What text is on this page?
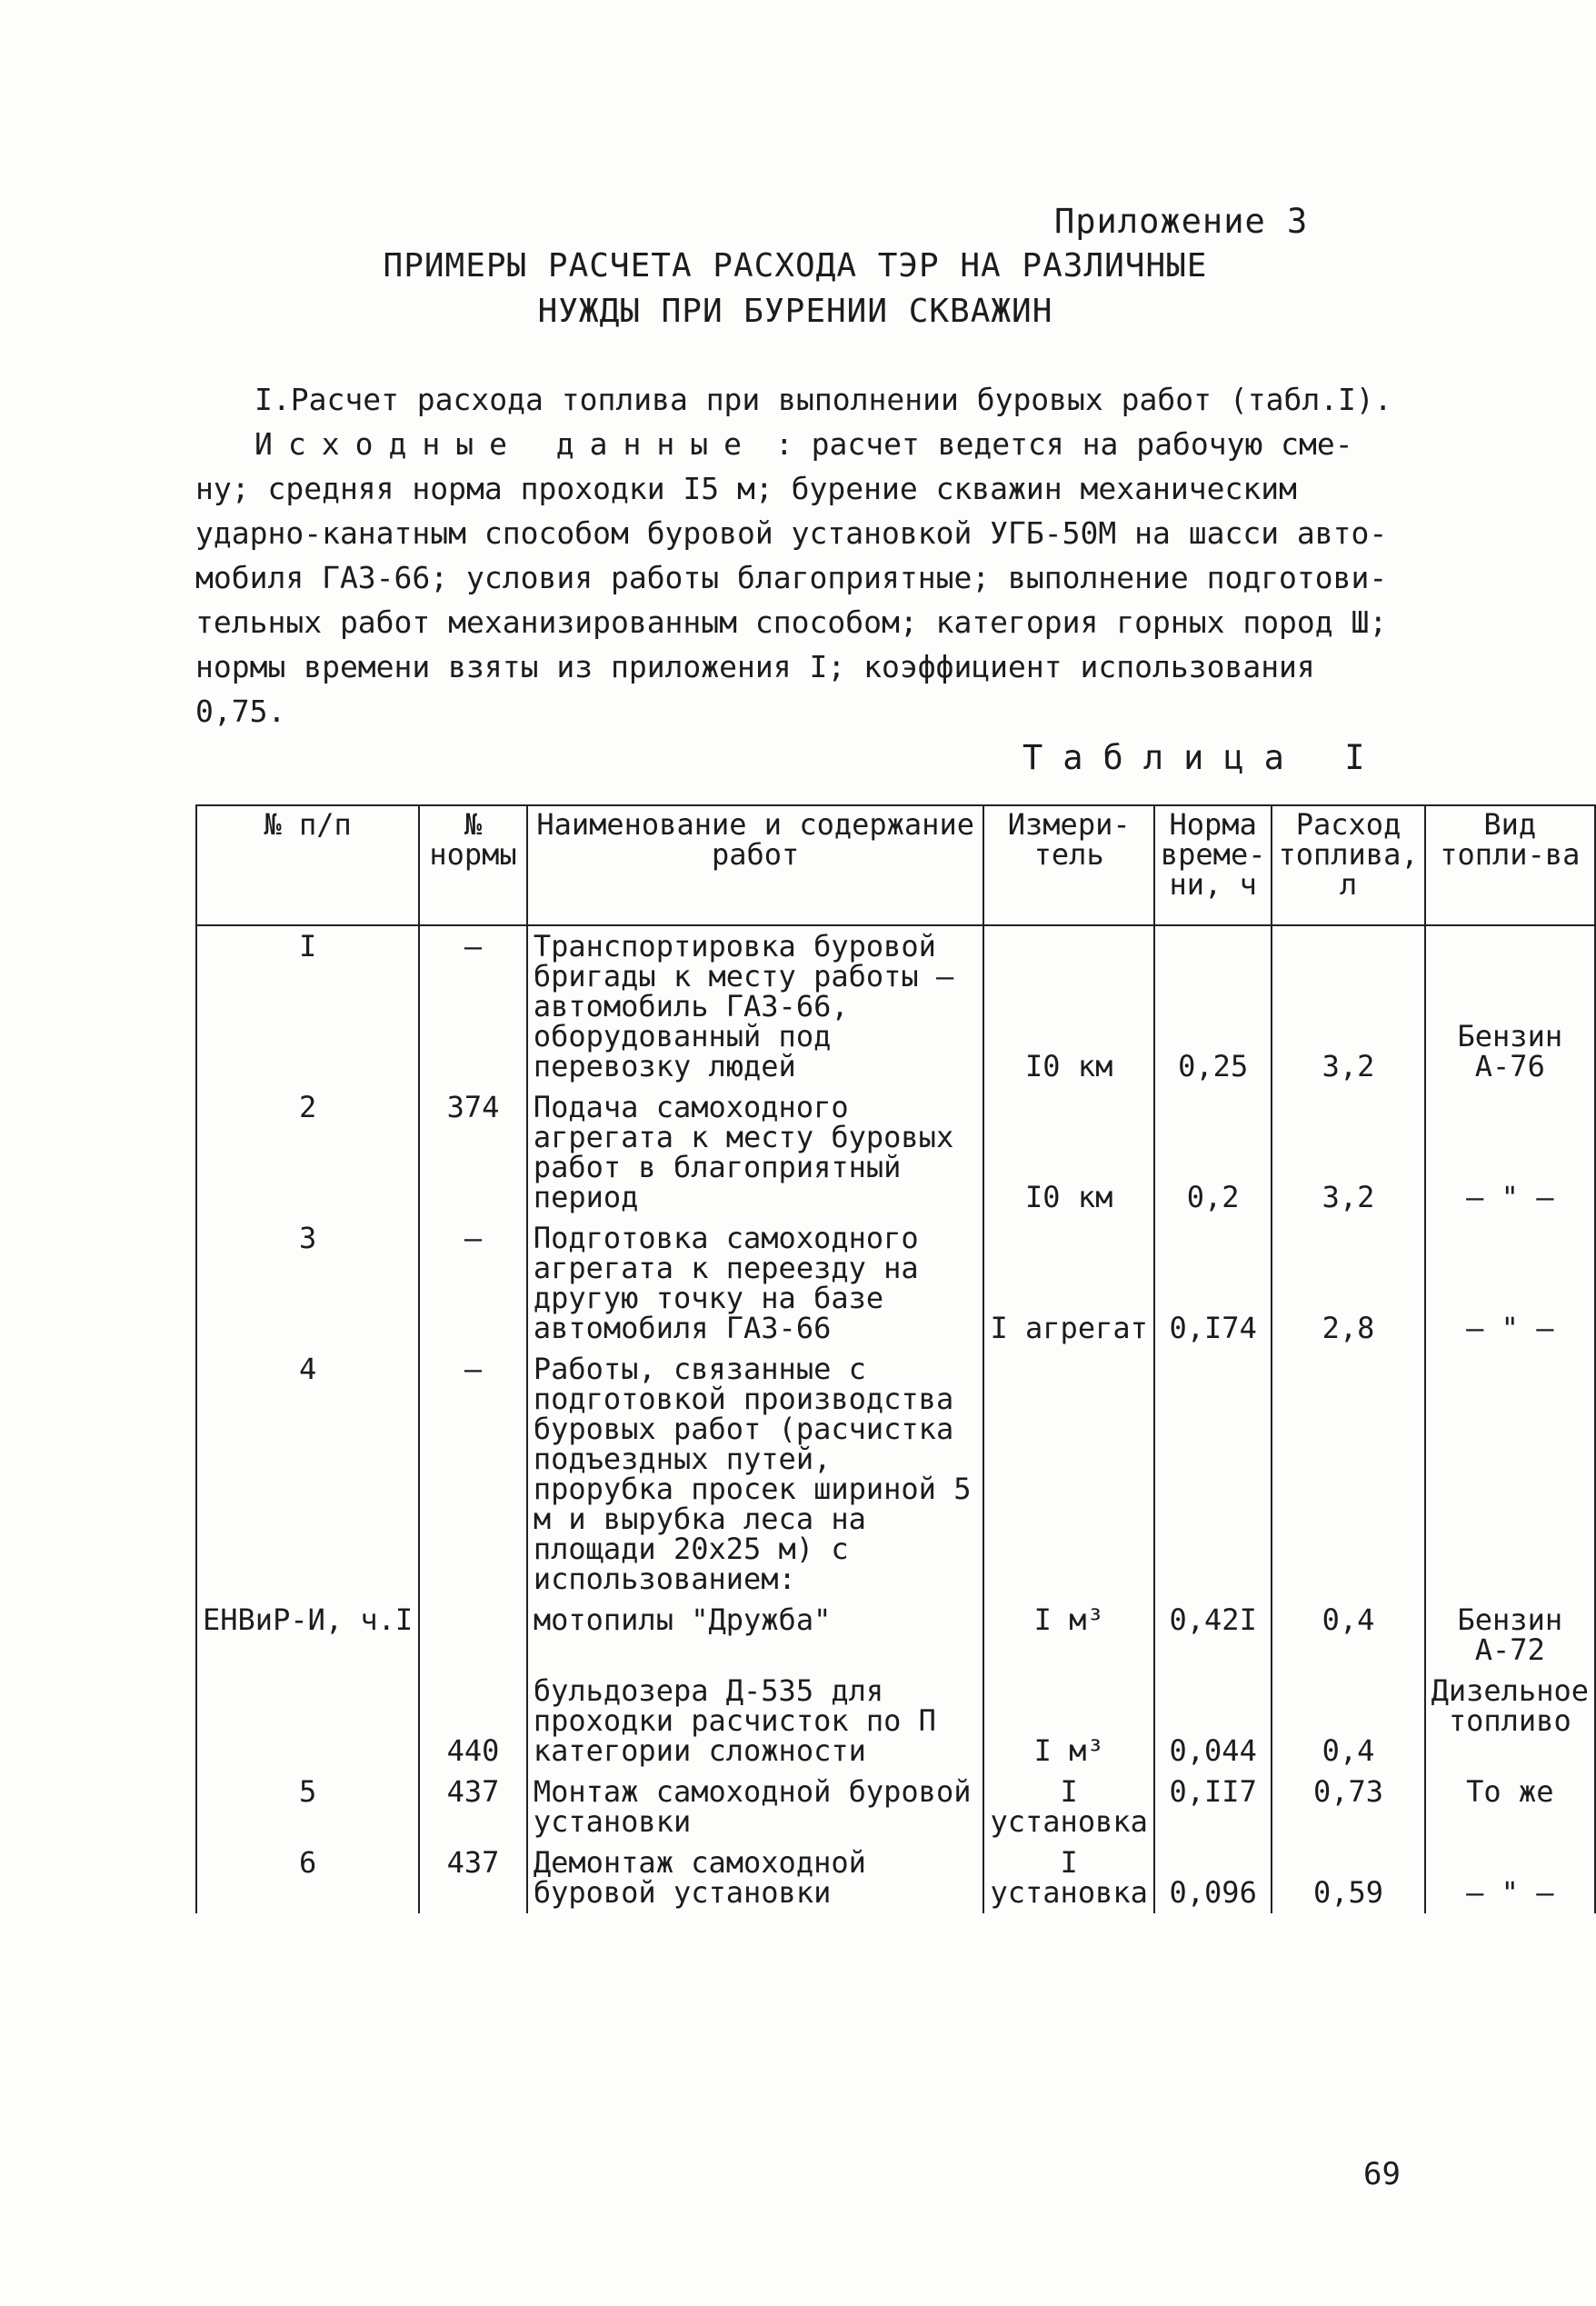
Приложение 3
ПРИМЕРЫ РАСЧЕТА РАСХОДА ТЭР НА РАЗЛИЧНЫЕ
НУЖДЫ ПРИ БУРЕНИИ СКВАЖИН

I.Расчет расхода топлива при выполнении буровых работ (табл.I).

Исходные данные : расчет ведется на рабочую сме-

ну; средняя норма проходки I5 м; бурение скважин механическим

ударно-канатным способом буровой установкой УГБ-50М на шасси авто-

мобиля ГАЗ-66; условия работы благоприятные; выполнение подготови-

тельных работ механизированным способом; категория горных пород Ш;

нормы времени взяты из приложения I; коэффициент использования

0,75.

Таблица I
№ п/п	№ нормы	Наименование и содержание работ	Измери-тель	Норма време-ни, ч	Расход топлива, л	Вид топли-ва
I	–	Транспортировка буровой бригады к месту работы – автомобиль ГАЗ-66, оборудованный под перевозку людей	I0 км	0,25	3,2	Бензин А-76
2	374	Подача самоходного агрегата к месту буровых работ в благоприятный период	I0 км	0,2	3,2	– " –
3	–	Подготовка самоходного агрегата к переезду на другую точку на базе автомобиля ГАЗ-66	I агрегат	0,I74	2,8	– " –
4	–	Работы, связанные с подготовкой производства буровых работ (расчистка подъездных путей, прорубка просек шириной 5 м и вырубка леса на площади 20х25 м) с использованием:				
ЕНВиР-И, ч.I		мотопилы "Дружба"	I м³	0,42I	0,4	Бензин А-72
	440	бульдозера Д-535 для проходки расчисток по П категории сложности	I м³	0,044	0,4	Дизельное топливо
5	437	Монтаж самоходной буровой установки	I установка	0,II7	0,73	То же
6	437	Демонтаж самоходной буровой установки	I установка	0,096	0,59	– " –
69
